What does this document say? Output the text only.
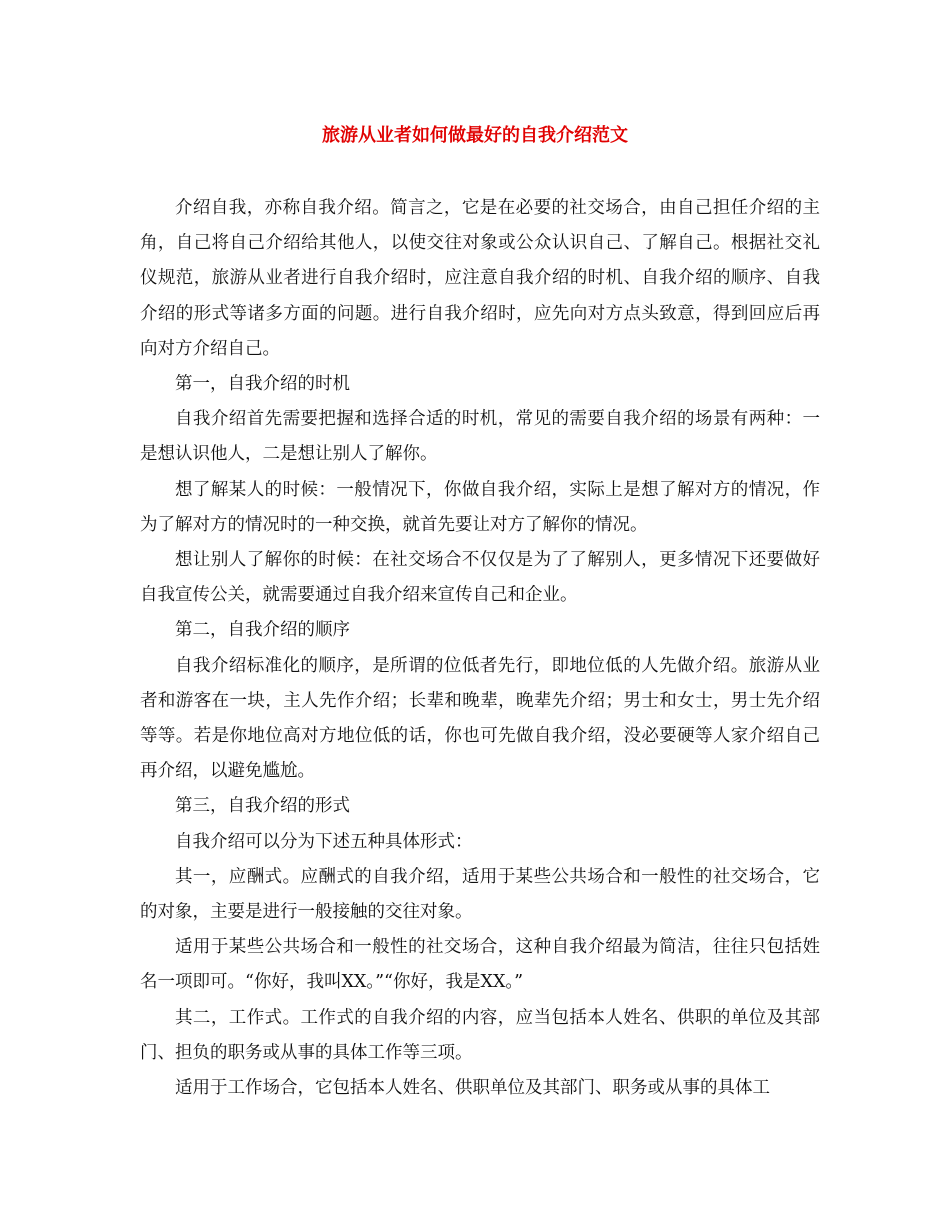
旅游从业者如何做最好的自我介绍范文

介绍自我，亦称自我介绍。简言之，它是在必要的社交场合，由自己担任介绍的主角，自己将自己介绍给其他人，以使交往对象或公众认识自己、了解自己。根据社交礼仪规范，旅游从业者进行自我介绍时，应注意自我介绍的时机、自我介绍的顺序、自我介绍的形式等诸多方面的问题。进行自我介绍时，应先向对方点头致意，得到回应后再向对方介绍自己。

第一，自我介绍的时机

自我介绍首先需要把握和选择合适的时机，常见的需要自我介绍的场景有两种：一是想认识他人，二是想让别人了解你。

想了解某人的时候：一般情况下，你做自我介绍，实际上是想了解对方的情况，作为了解对方的情况时的一种交换，就首先要让对方了解你的情况。

想让别人了解你的时候：在社交场合不仅仅是为了了解别人，更多情况下还要做好自我宣传公关，就需要通过自我介绍来宣传自己和企业。

第二，自我介绍的顺序

自我介绍标准化的顺序，是所谓的位低者先行，即地位低的人先做介绍。旅游从业者和游客在一块，主人先作介绍；长辈和晚辈，晚辈先介绍；男士和女士，男士先介绍等等。若是你地位高对方地位低的话，你也可先做自我介绍，没必要硬等人家介绍自己再介绍，以避免尴尬。

第三，自我介绍的形式

自我介绍可以分为下述五种具体形式：

其一，应酬式。应酬式的自我介绍，适用于某些公共场合和一般性的社交场合，它的对象，主要是进行一般接触的交往对象。

适用于某些公共场合和一般性的社交场合，这种自我介绍最为简洁，往往只包括姓名一项即可。“你好，我叫XX。”“你好，我是XX。”

其二，工作式。工作式的自我介绍的内容，应当包括本人姓名、供职的单位及其部门、担负的职务或从事的具体工作等三项。

适用于工作场合，它包括本人姓名、供职单位及其部门、职务或从事的具体工
